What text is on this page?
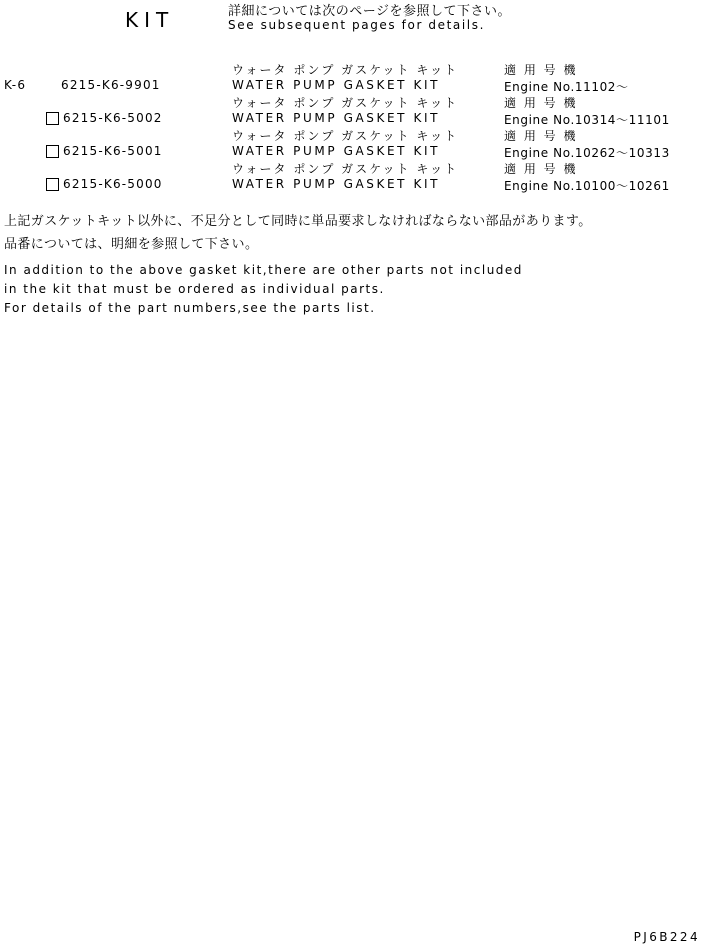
KIT	詳細については次のページを参照して下さい。
See subsequent pages for details.
K-6	6215-K6-9901
ウォータ ポンプ ガスケット キット
WATER PUMP GASKET KIT
適 用 号 機
Engine No.11102〜
6215-K6-5002
ウォータ ポンプ ガスケット キット
WATER PUMP GASKET KIT
適 用 号 機
Engine No.10314〜11101
6215-K6-5001
ウォータ ポンプ ガスケット キット
WATER PUMP GASKET KIT
適 用 号 機
Engine No.10262〜10313
6215-K6-5000
ウォータ ポンプ ガスケット キット
WATER PUMP GASKET KIT
適 用 号 機
Engine No.10100〜10261
上記ガスケットキット以外に、不足分として同時に単品要求しなければならない部品があります。
品番については、明細を参照して下さい。
In addition to the above gasket kit,there are other parts not included
in the kit that must be ordered as individual parts.
For details of the part numbers,see the parts list.
PJ6B224
